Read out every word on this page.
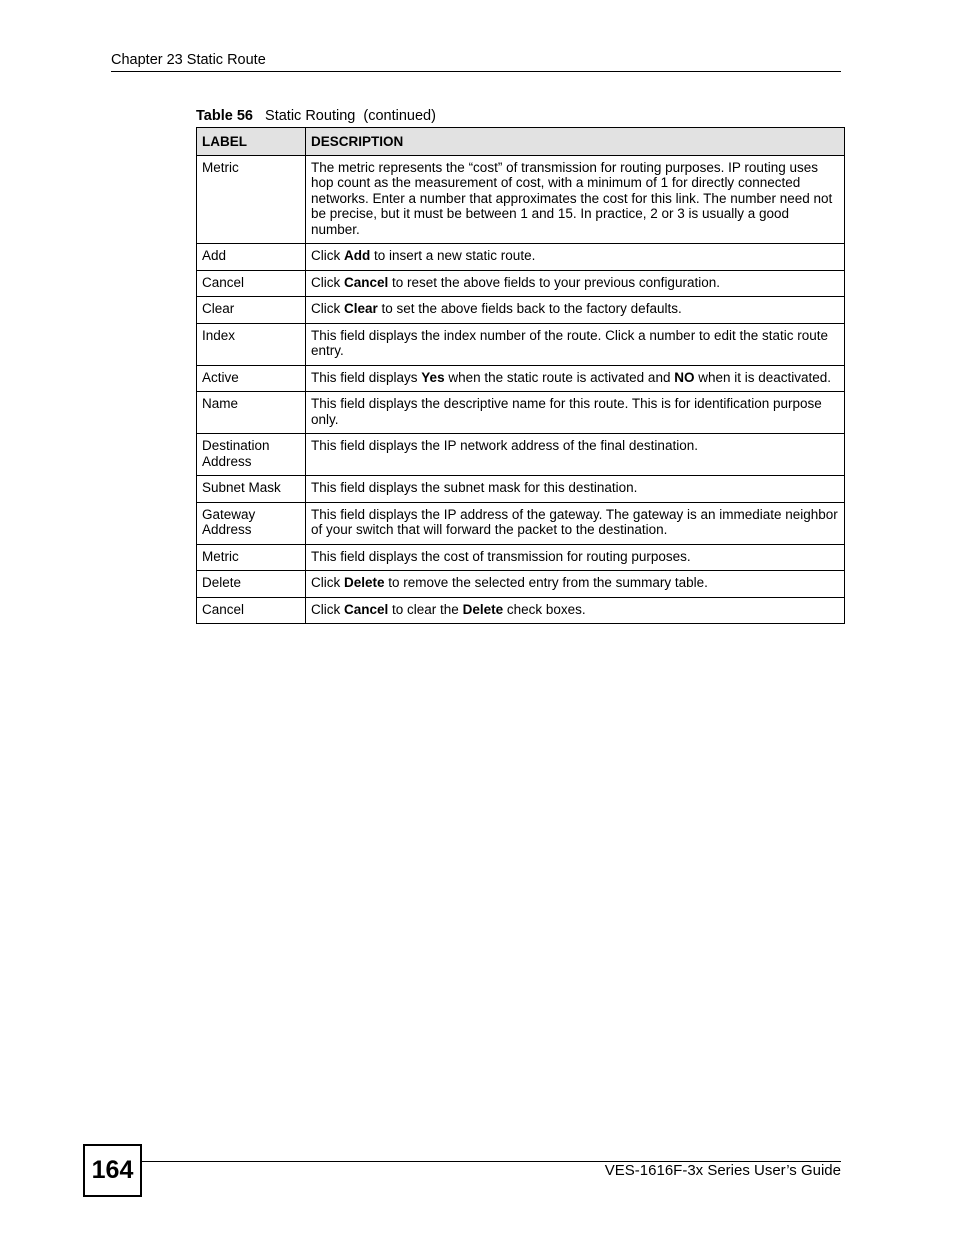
Chapter 23 Static Route
Table 56 Static Routing  (continued)
LABEL	DESCRIPTION
Metric	The metric represents the “cost” of transmission for routing purposes. IP routing uses hop count as the measurement of cost, with a minimum of 1 for directly connected networks. Enter a number that approximates the cost for this link. The number need not be precise, but it must be between 1 and 15. In practice, 2 or 3 is usually a good number.
Add	Click Add to insert a new static route.
Cancel	Click Cancel to reset the above fields to your previous configuration.
Clear	Click Clear to set the above fields back to the factory defaults.
Index	This field displays the index number of the route. Click a number to edit the static route entry.
Active	This field displays Yes when the static route is activated and NO when it is deactivated.
Name	This field displays the descriptive name for this route. This is for identification purpose only.
Destination Address	This field displays the IP network address of the final destination.
Subnet Mask	This field displays the subnet mask for this destination.
Gateway Address	This field displays the IP address of the gateway. The gateway is an immediate neighbor of your switch that will forward the packet to the destination.
Metric	This field displays the cost of transmission for routing purposes.
Delete	Click Delete to remove the selected entry from the summary table.
Cancel	Click Cancel to clear the Delete check boxes.
164	VES-1616F-3x Series User’s Guide
